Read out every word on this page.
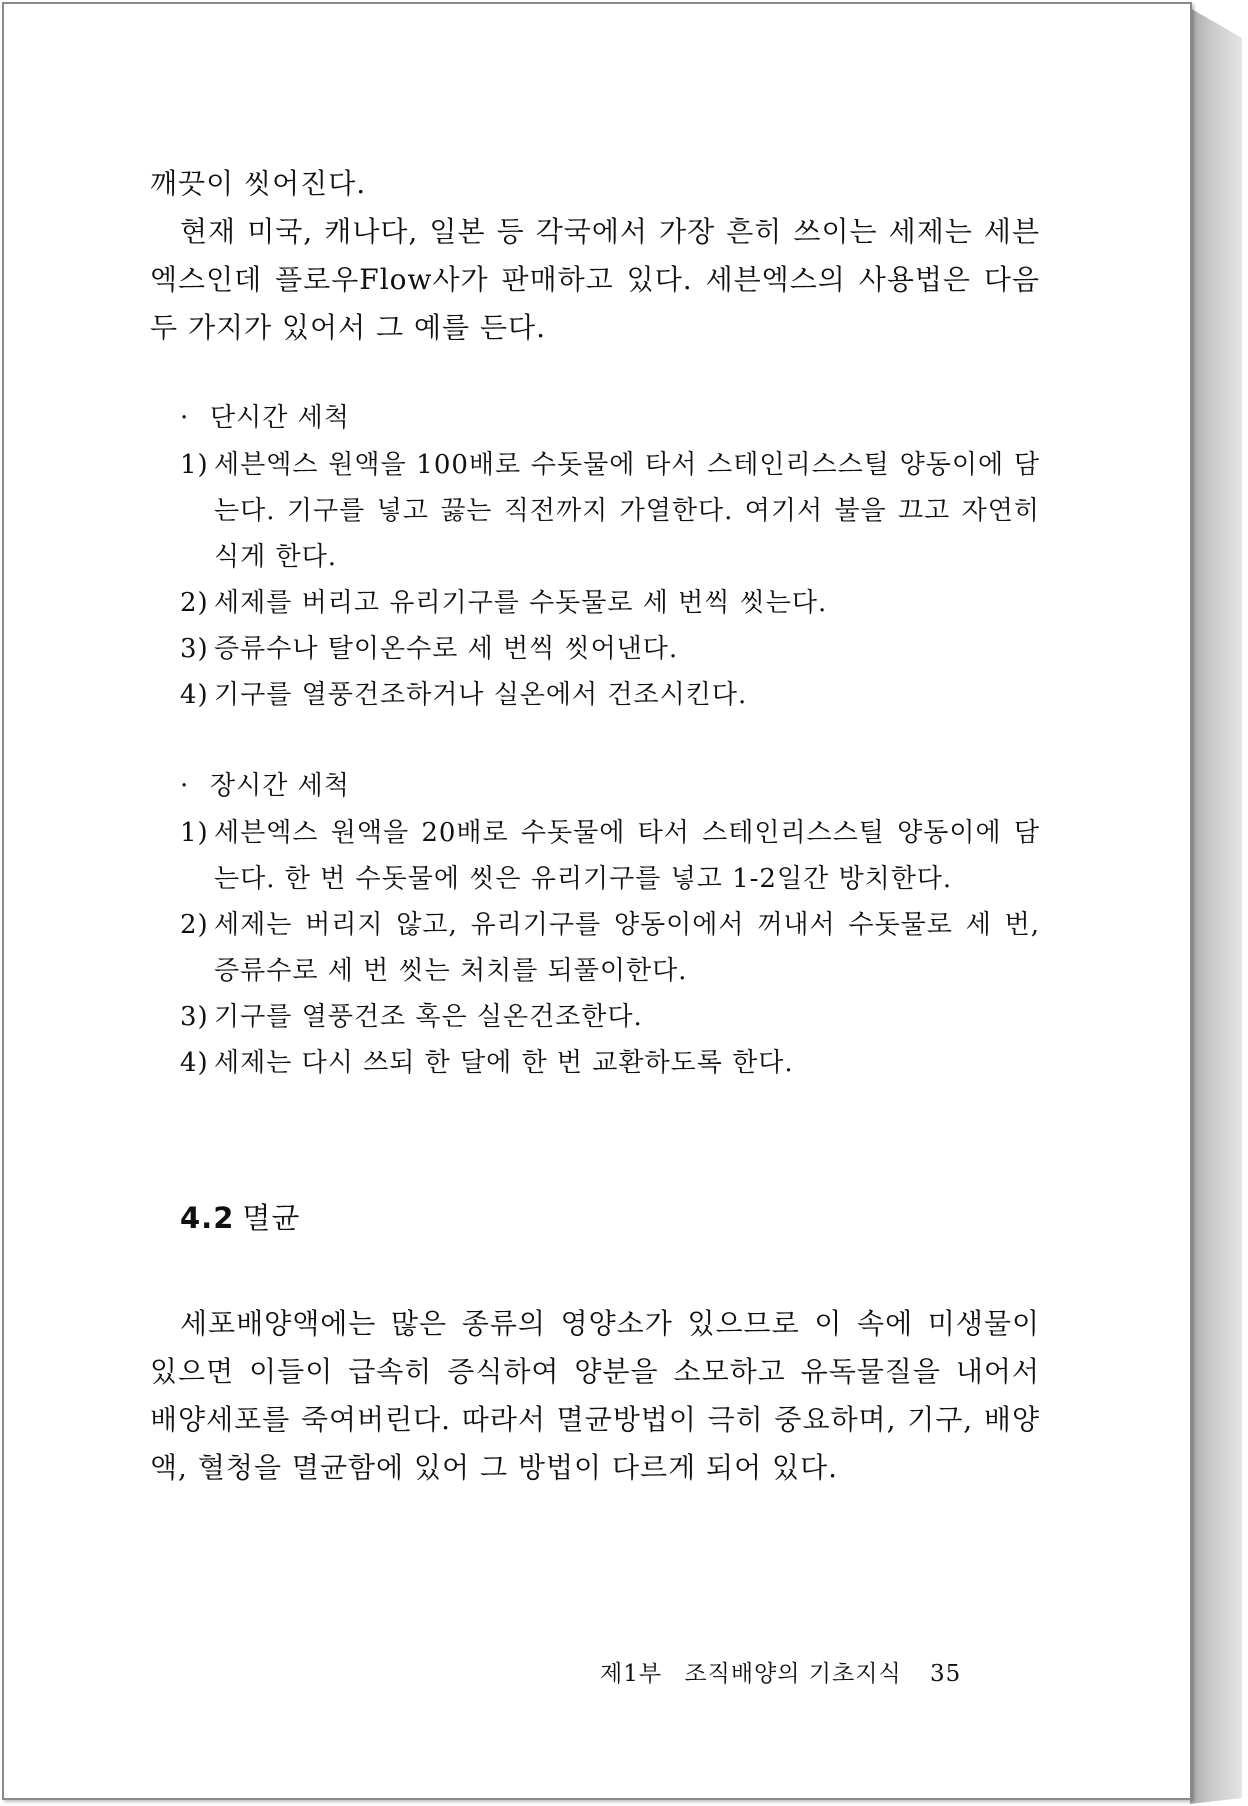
깨끗이 씻어진다.

현재 미국, 캐나다, 일본 등 각국에서 가장 흔히 쓰이는 세제는 세븐엑스인데 플로우Flow사가 판매하고 있다. 세븐엑스의 사용법은 다음 두 가지가 있어서 그 예를 든다.

· 단시간 세척
1) 세븐엑스 원액을 100배로 수돗물에 타서 스테인리스스틸 양동이에 담는다. 기구를 넣고 끓는 직전까지 가열한다. 여기서 불을 끄고 자연히 식게 한다.
2) 세제를 버리고 유리기구를 수돗물로 세 번씩 씻는다.
3) 증류수나 탈이온수로 세 번씩 씻어낸다.
4) 기구를 열풍건조하거나 실온에서 건조시킨다.
· 장시간 세척
1) 세븐엑스 원액을 20배로 수돗물에 타서 스테인리스스틸 양동이에 담는다. 한 번 수돗물에 씻은 유리기구를 넣고 1-2일간 방치한다.
2) 세제는 버리지 않고, 유리기구를 양동이에서 꺼내서 수돗물로 세 번, 증류수로 세 번 씻는 처치를 되풀이한다.
3) 기구를 열풍건조 혹은 실온건조한다.
4) 세제는 다시 쓰되 한 달에 한 번 교환하도록 한다.
4.2 멸균

세포배양액에는 많은 종류의 영양소가 있으므로 이 속에 미생물이 있으면 이들이 급속히 증식하여 양분을 소모하고 유독물질을 내어서 배양세포를 죽여버린다. 따라서 멸균방법이 극히 중요하며, 기구, 배양액, 혈청을 멸균함에 있어 그 방법이 다르게 되어 있다.

제1부 조직배양의 기초지식 35
